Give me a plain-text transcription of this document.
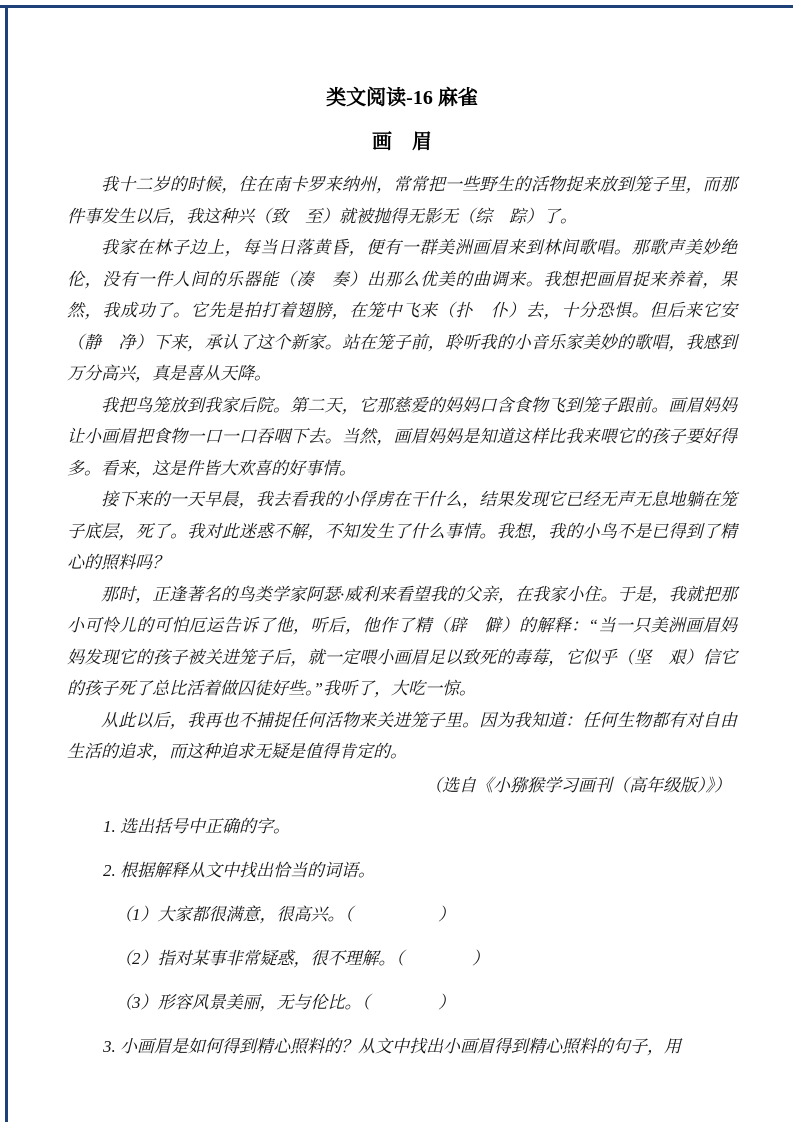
类文阅读-16 麻雀
画　眉

我十二岁的时候，住在南卡罗来纳州，常常把一些野生的活物捉来放到笼子里，而那件事发生以后，我这种兴（致　至）就被抛得无影无（综　踪）了。

我家在林子边上，每当日落黄昏，便有一群美洲画眉来到林间歌唱。那歌声美妙绝伦，没有一件人间的乐器能（凑　奏）出那么优美的曲调来。我想把画眉捉来养着，果然，我成功了。它先是拍打着翅膀，在笼中飞来（扑　仆）去，十分恐惧。但后来它安（静　净）下来，承认了这个新家。站在笼子前，聆听我的小音乐家美妙的歌唱，我感到万分高兴，真是喜从天降。

我把鸟笼放到我家后院。第二天，它那慈爱的妈妈口含食物飞到笼子跟前。画眉妈妈让小画眉把食物一口一口吞咽下去。当然，画眉妈妈是知道这样比我来喂它的孩子要好得多。看来，这是件皆大欢喜的好事情。

接下来的一天早晨，我去看我的小俘虏在干什么，结果发现它已经无声无息地躺在笼子底层，死了。我对此迷惑不解，不知发生了什么事情。我想，我的小鸟不是已得到了精心的照料吗？

那时，正逢著名的鸟类学家阿瑟·威利来看望我的父亲，在我家小住。于是，我就把那小可怜儿的可怕厄运告诉了他，听后，他作了精（辟　僻）的解释：“当一只美洲画眉妈妈发现它的孩子被关进笼子后，就一定喂小画眉足以致死的毒莓，它似乎（坚　艰）信它的孩子死了总比活着做囚徒好些。”我听了，大吃一惊。

从此以后，我再也不捕捉任何活物来关进笼子里。因为我知道：任何生物都有对自由生活的追求，而这种追求无疑是值得肯定的。

（选自《小猕猴学习画刊（高年级版）》）

1. 选出括号中正确的字。

2. 根据解释从文中找出恰当的词语。

（1）大家都很满意，很高兴。（　　　　　）

（2）指对某事非常疑惑，很不理解。（　　　　）

（3）形容风景美丽，无与伦比。（　　　　）

3. 小画眉是如何得到精心照料的？从文中找出小画眉得到精心照料的句子，用
